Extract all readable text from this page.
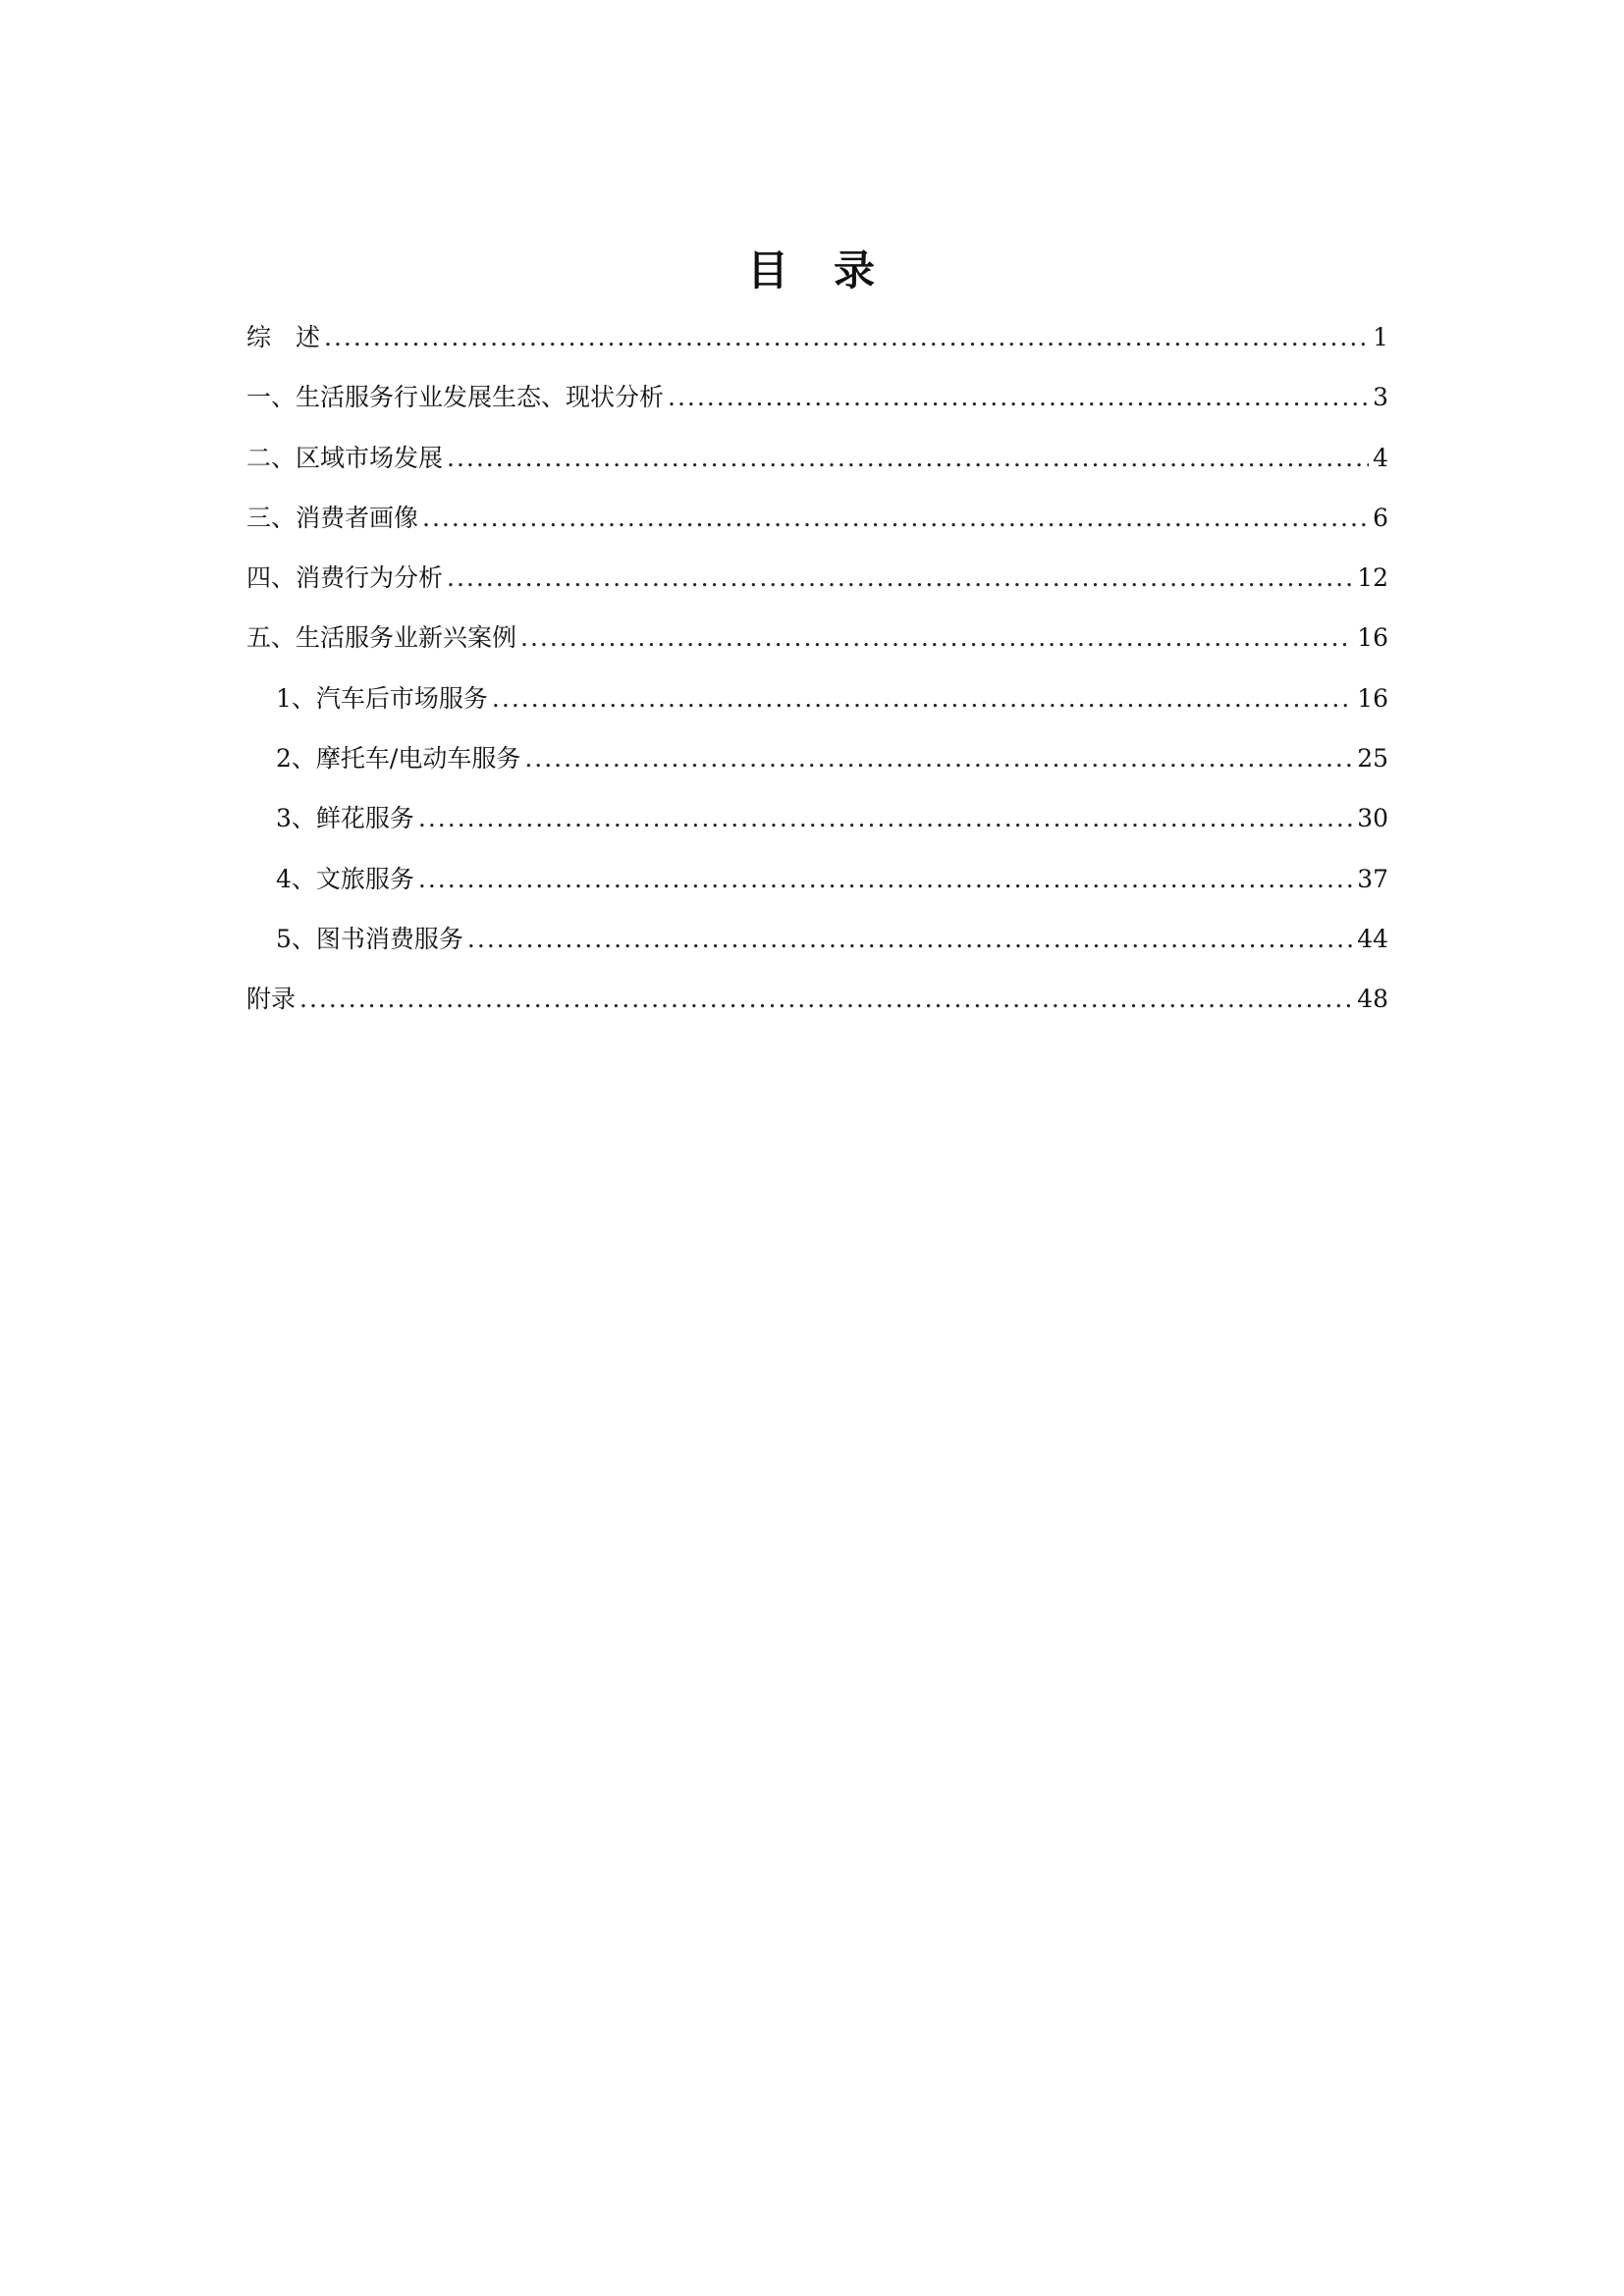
目　录
综　述 .....	1
一、生活服务行业发展生态、现状分析 .....	3
二、区域市场发展 .....	4
三、消费者画像 .....	6
四、消费行为分析 .....	12
五、生活服务业新兴案例 .....	16
1、汽车后市场服务 .....	16
2、摩托车/电动车服务 .....	25
3、鲜花服务 .....	30
4、文旅服务 .....	37
5、图书消费服务 .....	44
附录 .....	48
